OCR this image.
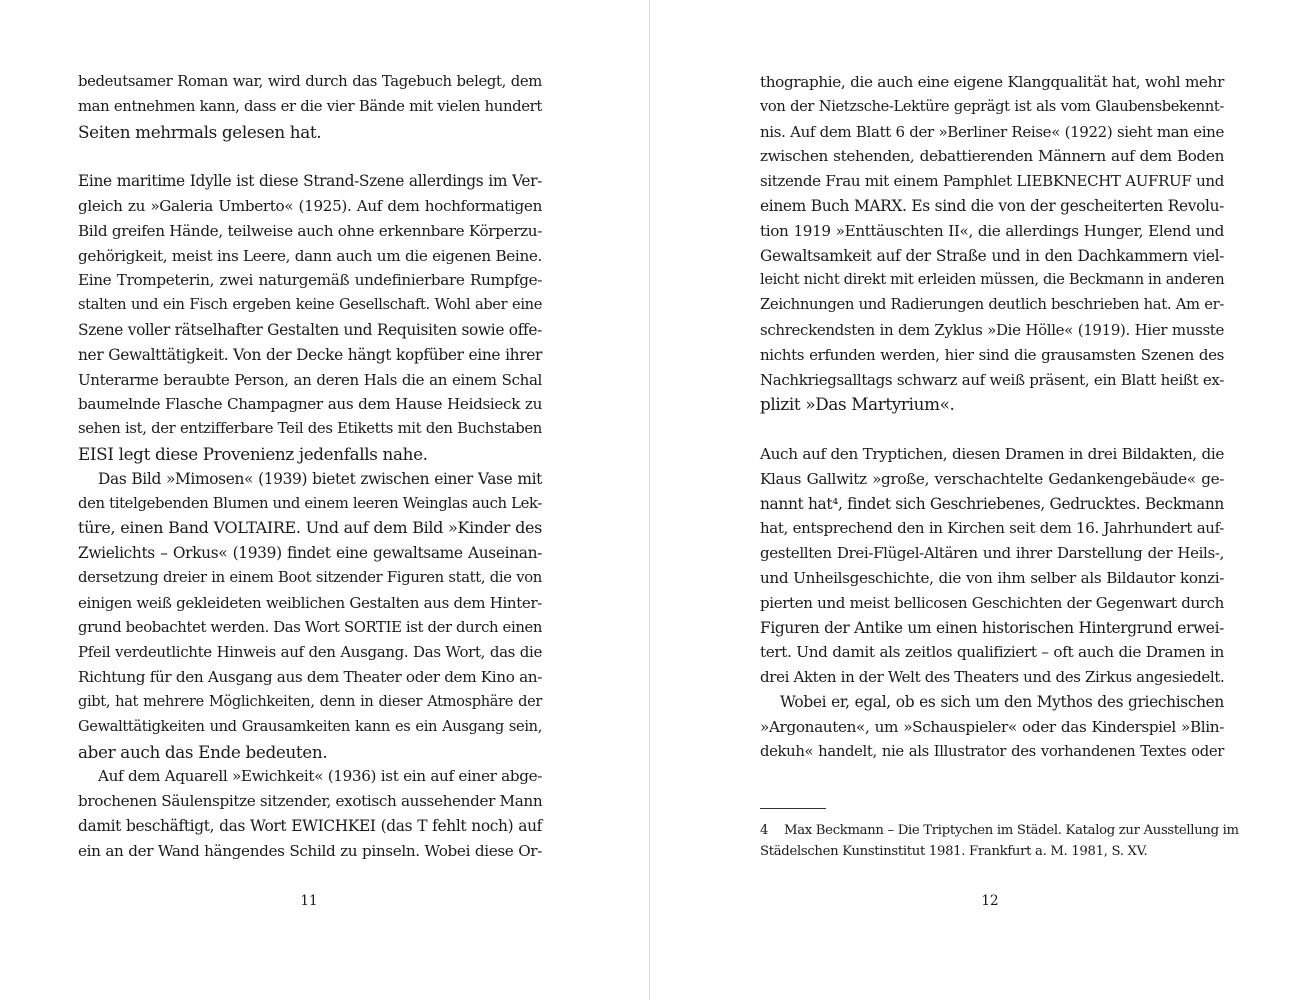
bedeutsamer Roman war, wird durch das Tagebuch belegt, dem
man entnehmen kann, dass er die vier Bände mit vielen hundert
Seiten mehrmals gelesen hat.
Eine maritime Idylle ist diese Strand-Szene allerdings im Ver-
gleich zu »Galeria Umberto« (1925). Auf dem hochformatigen
Bild greifen Hände, teilweise auch ohne erkennbare Körperzu-
gehörigkeit, meist ins Leere, dann auch um die eigenen Beine.
Eine Trompeterin, zwei naturgemäß undefinierbare Rumpfge-
stalten und ein Fisch ergeben keine Gesellschaft. Wohl aber eine
Szene voller rätselhafter Gestalten und Requisiten sowie offe-
ner Gewalttätigkeit. Von der Decke hängt kopfüber eine ihrer
Unterarme beraubte Person, an deren Hals die an einem Schal
baumelnde Flasche Champagner aus dem Hause Heidsieck zu
sehen ist, der entzifferbare Teil des Etiketts mit den Buchstaben
EISI legt diese Provenienz jedenfalls nahe.
Das Bild »Mimosen« (1939) bietet zwischen einer Vase mit
den titelgebenden Blumen und einem leeren Weinglas auch Lek-
türe, einen Band VOLTAIRE. Und auf dem Bild »Kinder des
Zwielichts – Orkus« (1939) findet eine gewaltsame Auseinan-
dersetzung dreier in einem Boot sitzender Figuren statt, die von
einigen weiß gekleideten weiblichen Gestalten aus dem Hinter-
grund beobachtet werden. Das Wort SORTIE ist der durch einen
Pfeil verdeutlichte Hinweis auf den Ausgang. Das Wort, das die
Richtung für den Ausgang aus dem Theater oder dem Kino an-
gibt, hat mehrere Möglichkeiten, denn in dieser Atmosphäre der
Gewalttätigkeiten und Grausamkeiten kann es ein Ausgang sein,
aber auch das Ende bedeuten.
Auf dem Aquarell »Ewichkeit« (1936) ist ein auf einer abge-
brochenen Säulenspitze sitzender, exotisch aussehender Mann
damit beschäftigt, das Wort EWICHKEI (das T fehlt noch) auf
ein an der Wand hängendes Schild zu pinseln. Wobei diese Or-
11
thographie, die auch eine eigene Klangqualität hat, wohl mehr
von der Nietzsche-Lektüre geprägt ist als vom Glaubensbekennt-
nis. Auf dem Blatt 6 der »Berliner Reise« (1922) sieht man eine
zwischen stehenden, debattierenden Männern auf dem Boden
sitzende Frau mit einem Pamphlet LIEBKNECHT AUFRUF und
einem Buch MARX. Es sind die von der gescheiterten Revolu-
tion 1919 »Enttäuschten II«, die allerdings Hunger, Elend und
Gewaltsamkeit auf der Straße und in den Dachkammern viel-
leicht nicht direkt mit erleiden müssen, die Beckmann in anderen
Zeichnungen und Radierungen deutlich beschrieben hat. Am er-
schreckendsten in dem Zyklus »Die Hölle« (1919). Hier musste
nichts erfunden werden, hier sind die grausamsten Szenen des
Nachkriegsalltags schwarz auf weiß präsent, ein Blatt heißt ex-
plizit »Das Martyrium«.
Auch auf den Tryptichen, diesen Dramen in drei Bildakten, die
Klaus Gallwitz »große, verschachtelte Gedankengebäude« ge-
nannt hat⁴, findet sich Geschriebenes, Gedrucktes. Beckmann
hat, entsprechend den in Kirchen seit dem 16. Jahrhundert auf-
gestellten Drei-Flügel-Altären und ihrer Darstellung der Heils-,
und Unheilsgeschichte, die von ihm selber als Bildautor konzi-
pierten und meist bellicosen Geschichten der Gegenwart durch
Figuren der Antike um einen historischen Hintergrund erwei-
tert. Und damit als zeitlos qualifiziert – oft auch die Dramen in
drei Akten in der Welt des Theaters und des Zirkus angesiedelt.
Wobei er, egal, ob es sich um den Mythos des griechischen
»Argonauten«, um »Schauspieler« oder das Kinderspiel »Blin-
dekuh« handelt, nie als Illustrator des vorhandenen Textes oder
4 Max Beckmann – Die Triptychen im Städel. Katalog zur Ausstellung im
Städelschen Kunstinstitut 1981. Frankfurt a. M. 1981, S. XV.
12
